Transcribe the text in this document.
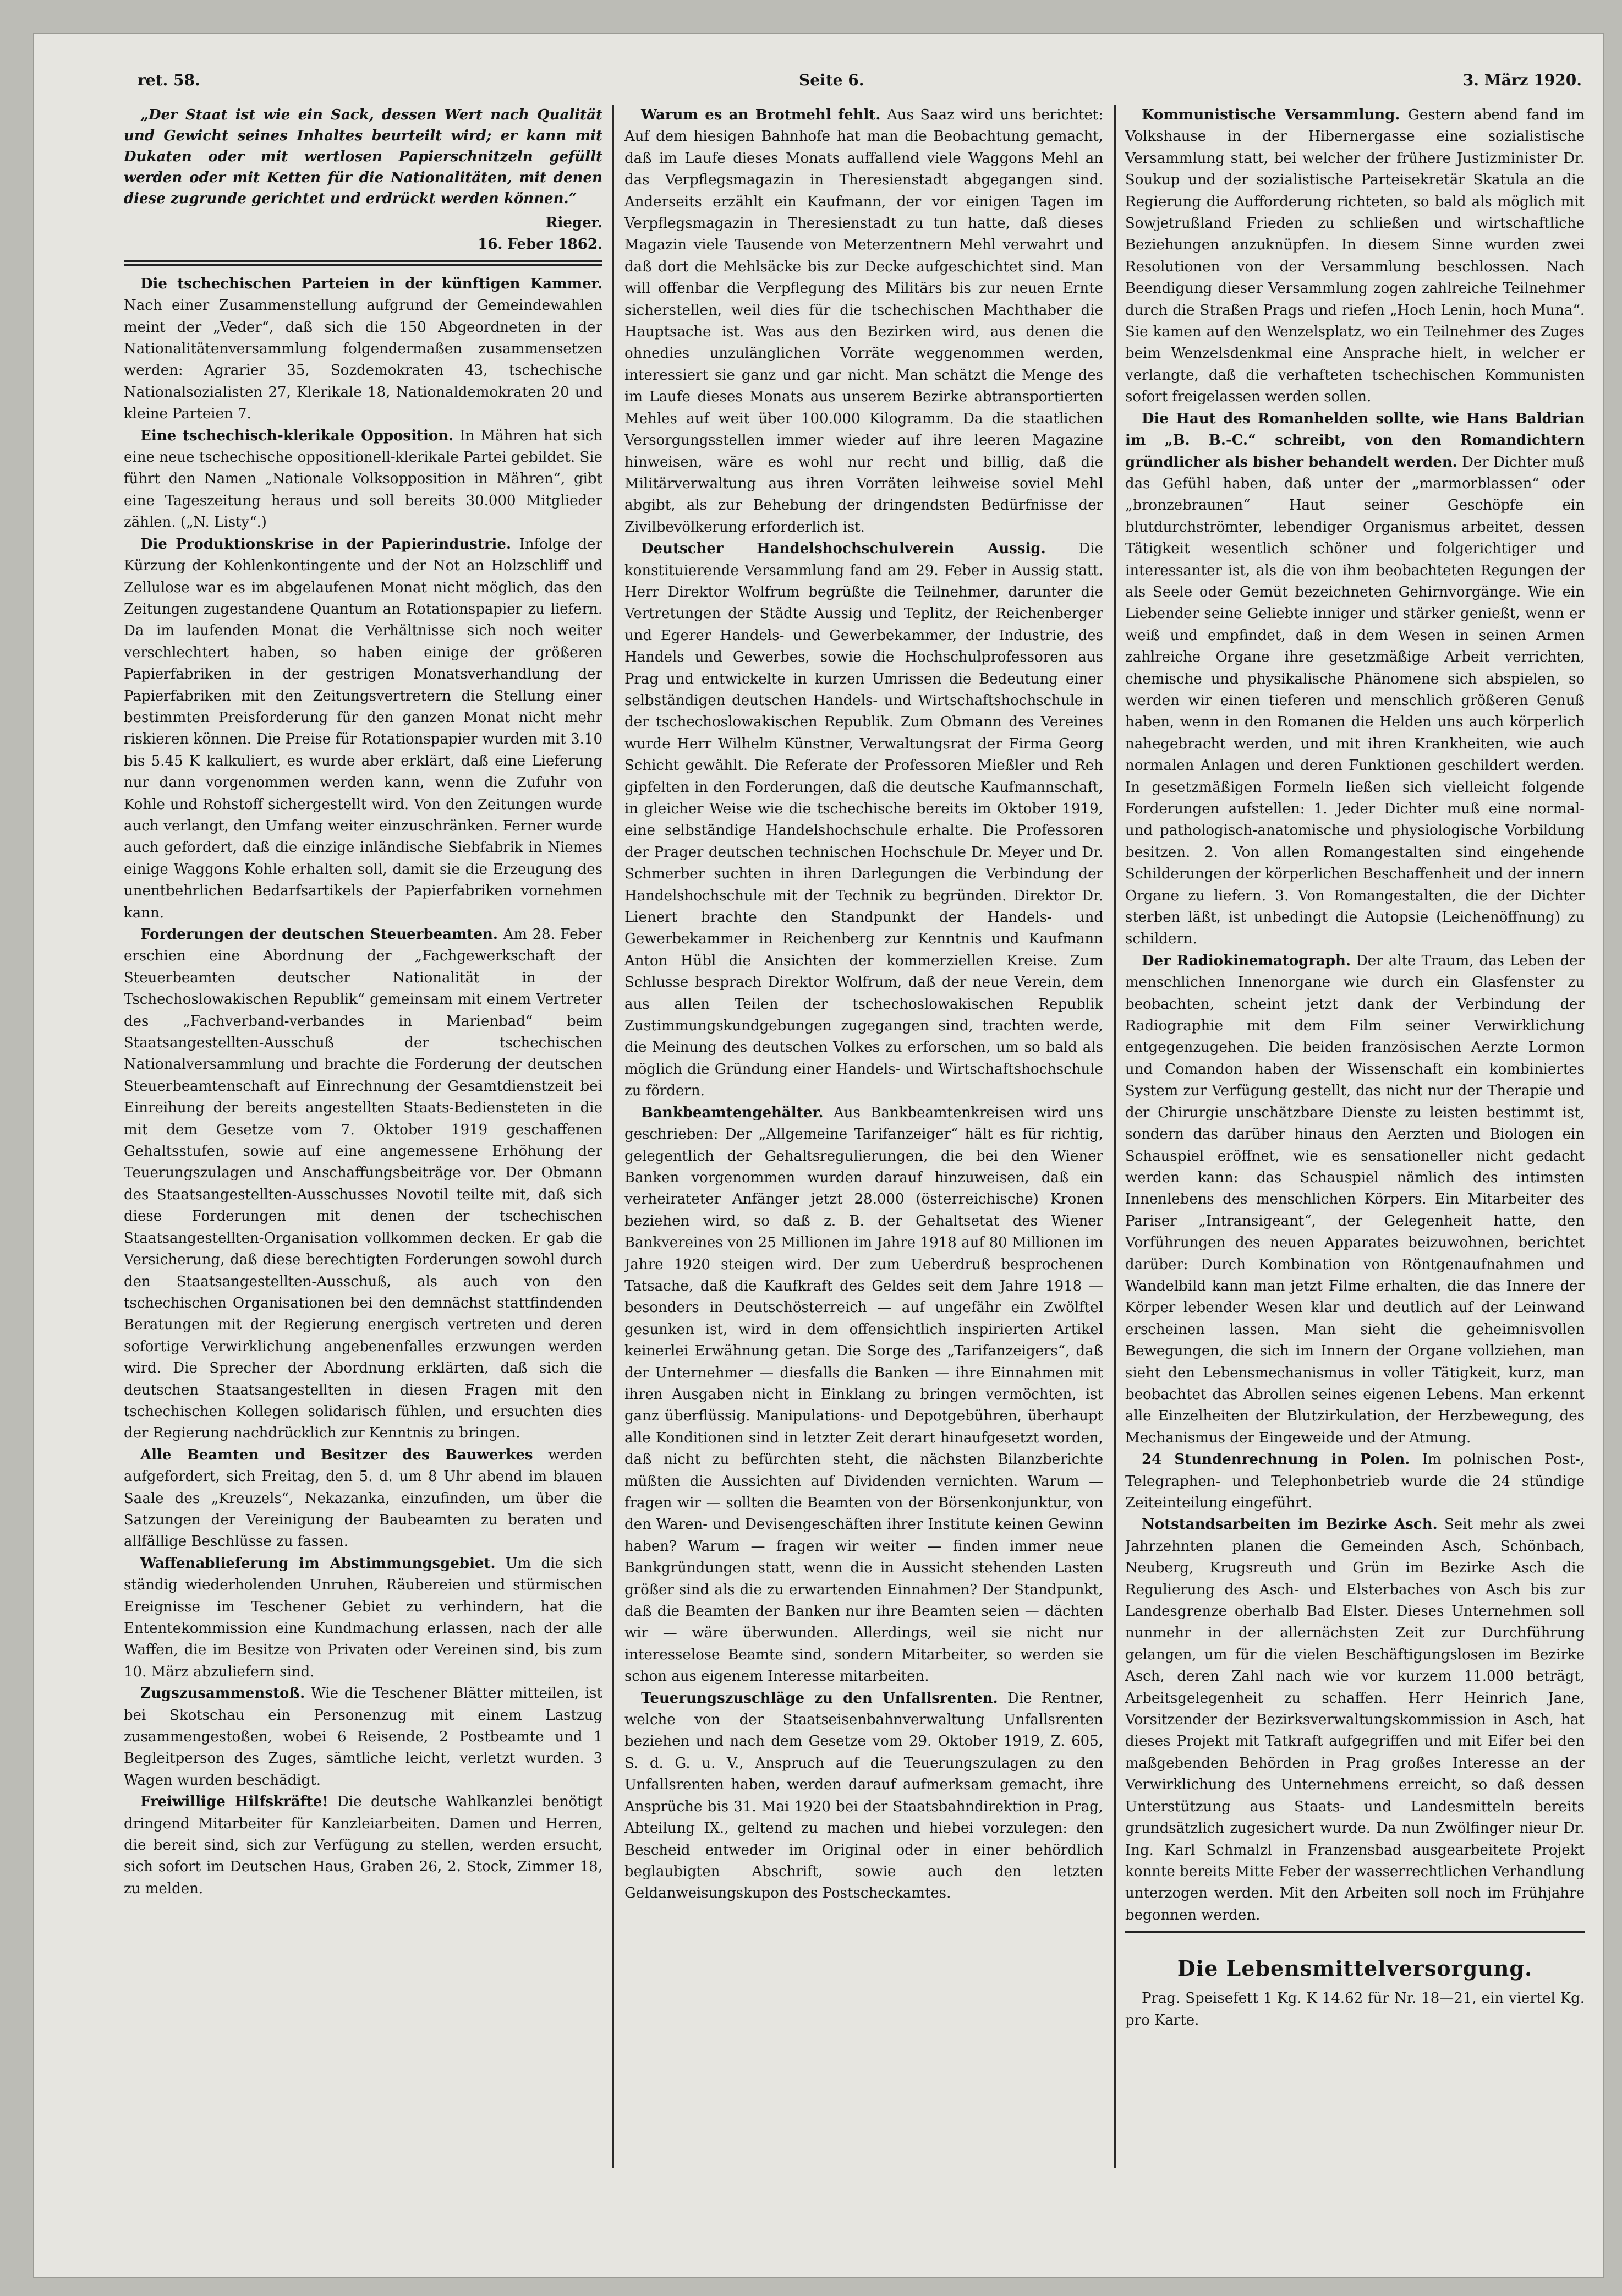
ret. 58.	Seite 6.	3. März 1920.

„Der Staat ist wie ein Sack, dessen Wert nach Qualität und Gewicht seines Inhaltes beurteilt wird; er kann mit Dukaten oder mit wertlosen Papierschnitzeln gefüllt werden oder mit Ketten für die Nationalitäten, mit denen diese zugrunde gerichtet und erdrückt werden können.“

Rieger.

16. Feber 1862.

Die tschechischen Parteien in der künftigen Kammer. Nach einer Zusammenstellung aufgrund der Gemeindewahlen meint der „Veder“, daß sich die 150 Abgeordneten in der Nationalitätenversammlung folgendermaßen zusammensetzen werden: Agrarier 35, Sozdemokraten 43, tschechische Nationalsozialisten 27, Klerikale 18, Nationaldemokraten 20 und kleine Parteien 7.

Eine tschechisch-klerikale Opposition. In Mähren hat sich eine neue tschechische oppositionell-klerikale Partei gebildet. Sie führt den Namen „Nationale Volksopposition in Mähren“, gibt eine Tageszeitung heraus und soll bereits 30.000 Mitglieder zählen. („N. Listy“.)

Die Produktionskrise in der Papierindustrie. Infolge der Kürzung der Kohlenkontingente und der Not an Holzschliff und Zellulose war es im abgelaufenen Monat nicht möglich, das den Zeitungen zugestandene Quantum an Rotationspapier zu liefern. Da im laufenden Monat die Verhältnisse sich noch weiter verschlechtert haben, so haben einige der größeren Papierfabriken in der gestrigen Monatsverhandlung der Papierfabriken mit den Zeitungsvertretern die Stellung einer bestimmten Preisforderung für den ganzen Monat nicht mehr riskieren können. Die Preise für Rotationspapier wurden mit 3.10 bis 5.45 K kalkuliert, es wurde aber erklärt, daß eine Lieferung nur dann vorgenommen werden kann, wenn die Zufuhr von Kohle und Rohstoff sichergestellt wird. Von den Zeitungen wurde auch verlangt, den Umfang weiter einzuschränken. Ferner wurde auch gefordert, daß die einzige inländische Siebfabrik in Niemes einige Waggons Kohle erhalten soll, damit sie die Erzeugung des unentbehrlichen Bedarfsartikels der Papierfabriken vornehmen kann.

Forderungen der deutschen Steuerbeamten. Am 28. Feber erschien eine Abordnung der „Fachgewerkschaft der Steuerbeamten deutscher Nationalität in der Tschechoslowakischen Republik“ gemeinsam mit einem Vertreter des „Fachverband-verbandes in Marienbad“ beim Staatsangestellten-Ausschuß der tschechischen Nationalversammlung und brachte die Forderung der deutschen Steuerbeamtenschaft auf Einrechnung der Gesamtdienstzeit bei Einreihung der bereits angestellten Staats-Bediensteten in die mit dem Gesetze vom 7. Oktober 1919 geschaffenen Gehaltsstufen, sowie auf eine angemessene Erhöhung der Teuerungszulagen und Anschaffungsbeiträge vor. Der Obmann des Staatsangestellten-Ausschusses Novotil teilte mit, daß sich diese Forderungen mit denen der tschechischen Staatsangestellten-Organisation vollkommen decken. Er gab die Versicherung, daß diese berechtigten Forderungen sowohl durch den Staatsangestellten-Ausschuß, als auch von den tschechischen Organisationen bei den demnächst stattfindenden Beratungen mit der Regierung energisch vertreten und deren sofortige Verwirklichung angebenenfalles erzwungen werden wird. Die Sprecher der Abordnung erklärten, daß sich die deutschen Staatsangestellten in diesen Fragen mit den tschechischen Kollegen solidarisch fühlen, und ersuchten dies der Regierung nachdrücklich zur Kenntnis zu bringen.

Alle Beamten und Besitzer des Bauwerkes werden aufgefordert, sich Freitag, den 5. d. um 8 Uhr abend im blauen Saale des „Kreuzels“, Nekazanka, einzufinden, um über die Satzungen der Vereinigung der Baubeamten zu beraten und allfällige Beschlüsse zu fassen.

Waffenablieferung im Abstimmungsgebiet. Um die sich ständig wiederholenden Unruhen, Räubereien und stürmischen Ereignisse im Teschener Gebiet zu verhindern, hat die Ententekommission eine Kundmachung erlassen, nach der alle Waffen, die im Besitze von Privaten oder Vereinen sind, bis zum 10. März abzuliefern sind.

Zugszusammenstoß. Wie die Teschener Blätter mitteilen, ist bei Skotschau ein Personenzug mit einem Lastzug zusammengestoßen, wobei 6 Reisende, 2 Postbeamte und 1 Begleitperson des Zuges, sämtliche leicht, verletzt wurden. 3 Wagen wurden beschädigt.

Freiwillige Hilfskräfte! Die deutsche Wahlkanzlei benötigt dringend Mitarbeiter für Kanzleiarbeiten. Damen und Herren, die bereit sind, sich zur Verfügung zu stellen, werden ersucht, sich sofort im Deutschen Haus, Graben 26, 2. Stock, Zimmer 18, zu melden.

Warum es an Brotmehl fehlt. Aus Saaz wird uns berichtet: Auf dem hiesigen Bahnhofe hat man die Beobachtung gemacht, daß im Laufe dieses Monats auffallend viele Waggons Mehl an das Verpflegsmagazin in Theresienstadt abgegangen sind. Anderseits erzählt ein Kaufmann, der vor einigen Tagen im Verpflegsmagazin in Theresienstadt zu tun hatte, daß dieses Magazin viele Tausende von Meterzentnern Mehl verwahrt und daß dort die Mehlsäcke bis zur Decke aufgeschichtet sind. Man will offenbar die Verpflegung des Militärs bis zur neuen Ernte sicherstellen, weil dies für die tschechischen Machthaber die Hauptsache ist. Was aus den Bezirken wird, aus denen die ohnedies unzulänglichen Vorräte weggenommen werden, interessiert sie ganz und gar nicht. Man schätzt die Menge des im Laufe dieses Monats aus unserem Bezirke abtransportierten Mehles auf weit über 100.000 Kilogramm. Da die staatlichen Versorgungsstellen immer wieder auf ihre leeren Magazine hinweisen, wäre es wohl nur recht und billig, daß die Militärverwaltung aus ihren Vorräten leihweise soviel Mehl abgibt, als zur Behebung der dringendsten Bedürfnisse der Zivilbevölkerung erforderlich ist.

Deutscher Handelshochschulverein Aussig. Die konstituierende Versammlung fand am 29. Feber in Aussig statt. Herr Direktor Wolfrum begrüßte die Teilnehmer, darunter die Vertretungen der Städte Aussig und Teplitz, der Reichenberger und Egerer Handels- und Gewerbekammer, der Industrie, des Handels und Gewerbes, sowie die Hochschulprofessoren aus Prag und entwickelte in kurzen Umrissen die Bedeutung einer selbständigen deutschen Handels- und Wirtschaftshochschule in der tschechoslowakischen Republik. Zum Obmann des Vereines wurde Herr Wilhelm Künstner, Verwaltungsrat der Firma Georg Schicht gewählt. Die Referate der Professoren Mießler und Reh gipfelten in den Forderungen, daß die deutsche Kaufmannschaft, in gleicher Weise wie die tschechische bereits im Oktober 1919, eine selbständige Handelshochschule erhalte. Die Professoren der Prager deutschen technischen Hochschule Dr. Meyer und Dr. Schmerber suchten in ihren Darlegungen die Verbindung der Handelshochschule mit der Technik zu begründen. Direktor Dr. Lienert brachte den Standpunkt der Handels- und Gewerbekammer in Reichenberg zur Kenntnis und Kaufmann Anton Hübl die Ansichten der kommerziellen Kreise. Zum Schlusse besprach Direktor Wolfrum, daß der neue Verein, dem aus allen Teilen der tschechoslowakischen Republik Zustimmungskundgebungen zugegangen sind, trachten werde, die Meinung des deutschen Volkes zu erforschen, um so bald als möglich die Gründung einer Handels- und Wirtschaftshochschule zu fördern.

Bankbeamtengehälter. Aus Bankbeamtenkreisen wird uns geschrieben: Der „Allgemeine Tarifanzeiger“ hält es für richtig, gelegentlich der Gehaltsregulierungen, die bei den Wiener Banken vorgenommen wurden darauf hinzuweisen, daß ein verheirateter Anfänger jetzt 28.000 (österreichische) Kronen beziehen wird, so daß z. B. der Gehaltsetat des Wiener Bankvereines von 25 Millionen im Jahre 1918 auf 80 Millionen im Jahre 1920 steigen wird. Der zum Ueberdruß besprochenen Tatsache, daß die Kaufkraft des Geldes seit dem Jahre 1918 — besonders in Deutschösterreich — auf ungefähr ein Zwölftel gesunken ist, wird in dem offensichtlich inspirierten Artikel keinerlei Erwähnung getan. Die Sorge des „Tarifanzeigers“, daß der Unternehmer — diesfalls die Banken — ihre Einnahmen mit ihren Ausgaben nicht in Einklang zu bringen vermöchten, ist ganz überflüssig. Manipulations- und Depotgebühren, überhaupt alle Konditionen sind in letzter Zeit derart hinaufgesetzt worden, daß nicht zu befürchten steht, die nächsten Bilanzberichte müßten die Aussichten auf Dividenden vernichten. Warum — fragen wir — sollten die Beamten von der Börsenkonjunktur, von den Waren- und Devisengeschäften ihrer Institute keinen Gewinn haben? Warum — fragen wir weiter — finden immer neue Bankgründungen statt, wenn die in Aussicht stehenden Lasten größer sind als die zu erwartenden Einnahmen? Der Standpunkt, daß die Beamten der Banken nur ihre Beamten seien — dächten wir — wäre überwunden. Allerdings, weil sie nicht nur interesselose Beamte sind, sondern Mitarbeiter, so werden sie schon aus eigenem Interesse mitarbeiten.

Teuerungszuschläge zu den Unfallsrenten. Die Rentner, welche von der Staatseisenbahnverwaltung Unfallsrenten beziehen und nach dem Gesetze vom 29. Oktober 1919, Z. 605, S. d. G. u. V., Anspruch auf die Teuerungszulagen zu den Unfallsrenten haben, werden darauf aufmerksam gemacht, ihre Ansprüche bis 31. Mai 1920 bei der Staatsbahndirektion in Prag, Abteilung IX., geltend zu machen und hiebei vorzulegen: den Bescheid entweder im Original oder in einer behördlich beglaubigten Abschrift, sowie auch den letzten Geldanweisungskupon des Postscheckamtes.

Kommunistische Versammlung. Gestern abend fand im Volkshause in der Hibernergasse eine sozialistische Versammlung statt, bei welcher der frühere Justizminister Dr. Soukup und der sozialistische Parteisekretär Skatula an die Regierung die Aufforderung richteten, so bald als möglich mit Sowjetrußland Frieden zu schließen und wirtschaftliche Beziehungen anzuknüpfen. In diesem Sinne wurden zwei Resolutionen von der Versammlung beschlossen. Nach Beendigung dieser Versammlung zogen zahlreiche Teilnehmer durch die Straßen Prags und riefen „Hoch Lenin, hoch Muna“. Sie kamen auf den Wenzelsplatz, wo ein Teilnehmer des Zuges beim Wenzelsdenkmal eine Ansprache hielt, in welcher er verlangte, daß die verhafteten tschechischen Kommunisten sofort freigelassen werden sollen.

Die Haut des Romanhelden sollte, wie Hans Baldrian im „B. B.-C.“ schreibt, von den Romandichtern gründlicher als bisher behandelt werden. Der Dichter muß das Gefühl haben, daß unter der „marmorblassen“ oder „bronzebraunen“ Haut seiner Geschöpfe ein blutdurchströmter, lebendiger Organismus arbeitet, dessen Tätigkeit wesentlich schöner und folgerichtiger und interessanter ist, als die von ihm beobachteten Regungen der als Seele oder Gemüt bezeichneten Gehirnvorgänge. Wie ein Liebender seine Geliebte inniger und stärker genießt, wenn er weiß und empfindet, daß in dem Wesen in seinen Armen zahlreiche Organe ihre gesetzmäßige Arbeit verrichten, chemische und physikalische Phänomene sich abspielen, so werden wir einen tieferen und menschlich größeren Genuß haben, wenn in den Romanen die Helden uns auch körperlich nahegebracht werden, und mit ihren Krankheiten, wie auch normalen Anlagen und deren Funktionen geschildert werden. In gesetzmäßigen Formeln ließen sich vielleicht folgende Forderungen aufstellen: 1. Jeder Dichter muß eine normal- und pathologisch-anatomische und physiologische Vorbildung besitzen. 2. Von allen Romangestalten sind eingehende Schilderungen der körperlichen Beschaffenheit und der innern Organe zu liefern. 3. Von Romangestalten, die der Dichter sterben läßt, ist unbedingt die Autopsie (Leichenöffnung) zu schildern.

Der Radiokinematograph. Der alte Traum, das Leben der menschlichen Innenorgane wie durch ein Glasfenster zu beobachten, scheint jetzt dank der Verbindung der Radiographie mit dem Film seiner Verwirklichung entgegenzugehen. Die beiden französischen Aerzte Lormon und Comandon haben der Wissenschaft ein kombiniertes System zur Verfügung gestellt, das nicht nur der Therapie und der Chirurgie unschätzbare Dienste zu leisten bestimmt ist, sondern das darüber hinaus den Aerzten und Biologen ein Schauspiel eröffnet, wie es sensationeller nicht gedacht werden kann: das Schauspiel nämlich des intimsten Innenlebens des menschlichen Körpers. Ein Mitarbeiter des Pariser „Intransigeant“, der Gelegenheit hatte, den Vorführungen des neuen Apparates beizuwohnen, berichtet darüber: Durch Kombination von Röntgenaufnahmen und Wandelbild kann man jetzt Filme erhalten, die das Innere der Körper lebender Wesen klar und deutlich auf der Leinwand erscheinen lassen. Man sieht die geheimnisvollen Bewegungen, die sich im Innern der Organe vollziehen, man sieht den Lebensmechanismus in voller Tätigkeit, kurz, man beobachtet das Abrollen seines eigenen Lebens. Man erkennt alle Einzelheiten der Blutzirkulation, der Herzbewegung, des Mechanismus der Eingeweide und der Atmung.

24 Stundenrechnung in Polen. Im polnischen Post-, Telegraphen- und Telephonbetrieb wurde die 24 stündige Zeiteinteilung eingeführt.

Notstandsarbeiten im Bezirke Asch. Seit mehr als zwei Jahrzehnten planen die Gemeinden Asch, Schönbach, Neuberg, Krugsreuth und Grün im Bezirke Asch die Regulierung des Asch- und Elsterbaches von Asch bis zur Landesgrenze oberhalb Bad Elster. Dieses Unternehmen soll nunmehr in der allernächsten Zeit zur Durchführung gelangen, um für die vielen Beschäftigungslosen im Bezirke Asch, deren Zahl nach wie vor kurzem 11.000 beträgt, Arbeitsgelegenheit zu schaffen. Herr Heinrich Jane, Vorsitzender der Bezirksverwaltungskommission in Asch, hat dieses Projekt mit Tatkraft aufgegriffen und mit Eifer bei den maßgebenden Behörden in Prag großes Interesse an der Verwirklichung des Unternehmens erreicht, so daß dessen Unterstützung aus Staats- und Landesmitteln bereits grundsätzlich zugesichert wurde. Da nun Zwölfinger nieur Dr. Ing. Karl Schmalzl in Franzensbad ausgearbeitete Projekt konnte bereits Mitte Feber der wasserrechtlichen Verhandlung unterzogen werden. Mit den Arbeiten soll noch im Frühjahre begonnen werden.

Die Lebensmittelversorgung.

Prag. Speisefett 1 Kg. K 14.62 für Nr. 18—21, ein viertel Kg. pro Karte.
